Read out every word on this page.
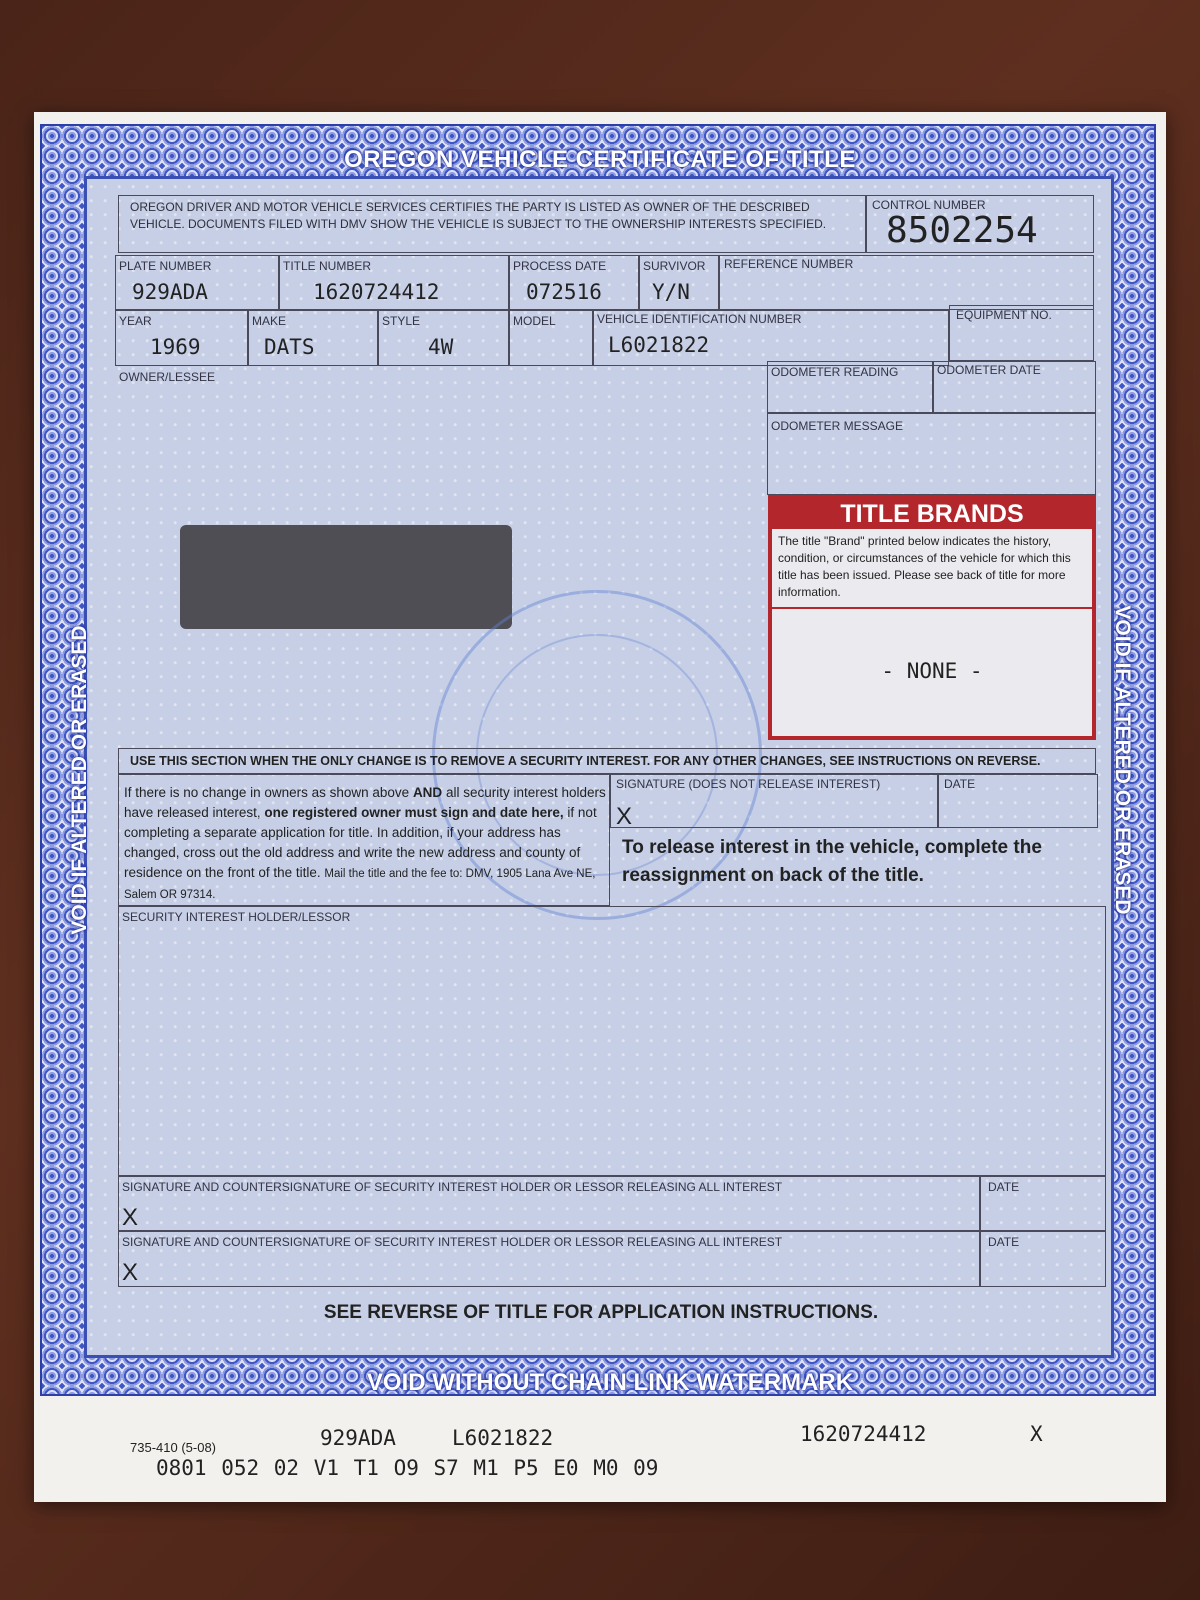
OREGON VEHICLE CERTIFICATE OF TITLE
VOID WITHOUT CHAIN LINK WATERMARK
VOID IF ALTERED OR ERASED	VOID IF ALTERED OR ERASED
OREGON DRIVER AND MOTOR VEHICLE SERVICES CERTIFIES THE PARTY IS LISTED AS OWNER OF THE DESCRIBED VEHICLE. DOCUMENTS FILED WITH DMV SHOW THE VEHICLE IS SUBJECT TO THE OWNERSHIP INTERESTS SPECIFIED.
CONTROL NUMBER
8502254
PLATE NUMBER
929ADA
TITLE NUMBER
1620724412
PROCESS DATE
072516
SURVIVOR
Y/N
REFERENCE NUMBER
YEAR
1969
MAKE
DATS
STYLE
4W
MODEL	VEHICLE IDENTIFICATION NUMBER
L6021822
EQUIPMENT NO.
OWNER/LESSEE	ODOMETER READING	ODOMETER DATE
ODOMETER MESSAGE
TITLE BRANDS
The title "Brand" printed below indicates the history, condition, or circumstances of the vehicle for which this title has been issued. Please see back of title for more information.
- NONE -
USE THIS SECTION WHEN THE ONLY CHANGE IS TO REMOVE A SECURITY INTEREST. FOR ANY OTHER CHANGES, SEE INSTRUCTIONS ON REVERSE.
If there is no change in owners as shown above AND all security interest holders have released interest, one registered owner must sign and date here, if not completing a separate application for title. In addition, if your address has changed, cross out the old address and write the new address and county of residence on the front of the title. Mail the title and the fee to: DMV, 1905 Lana Ave NE, Salem OR 97314.
SIGNATURE (DOES NOT RELEASE INTEREST)
X
DATE
To release interest in the vehicle, complete the reassignment on back of the title.
SECURITY INTEREST HOLDER/LESSOR
SIGNATURE AND COUNTERSIGNATURE OF SECURITY INTEREST HOLDER OR LESSOR RELEASING ALL INTEREST
X
DATE
SIGNATURE AND COUNTERSIGNATURE OF SECURITY INTEREST HOLDER OR LESSOR RELEASING ALL INTEREST
X
DATE
SEE REVERSE OF TITLE FOR APPLICATION INSTRUCTIONS.
735-410 (5-08)	929ADA	L6021822	1620724412	X
0801 052 02 V1 T1 O9 S7 M1 P5 E0 M0 09
